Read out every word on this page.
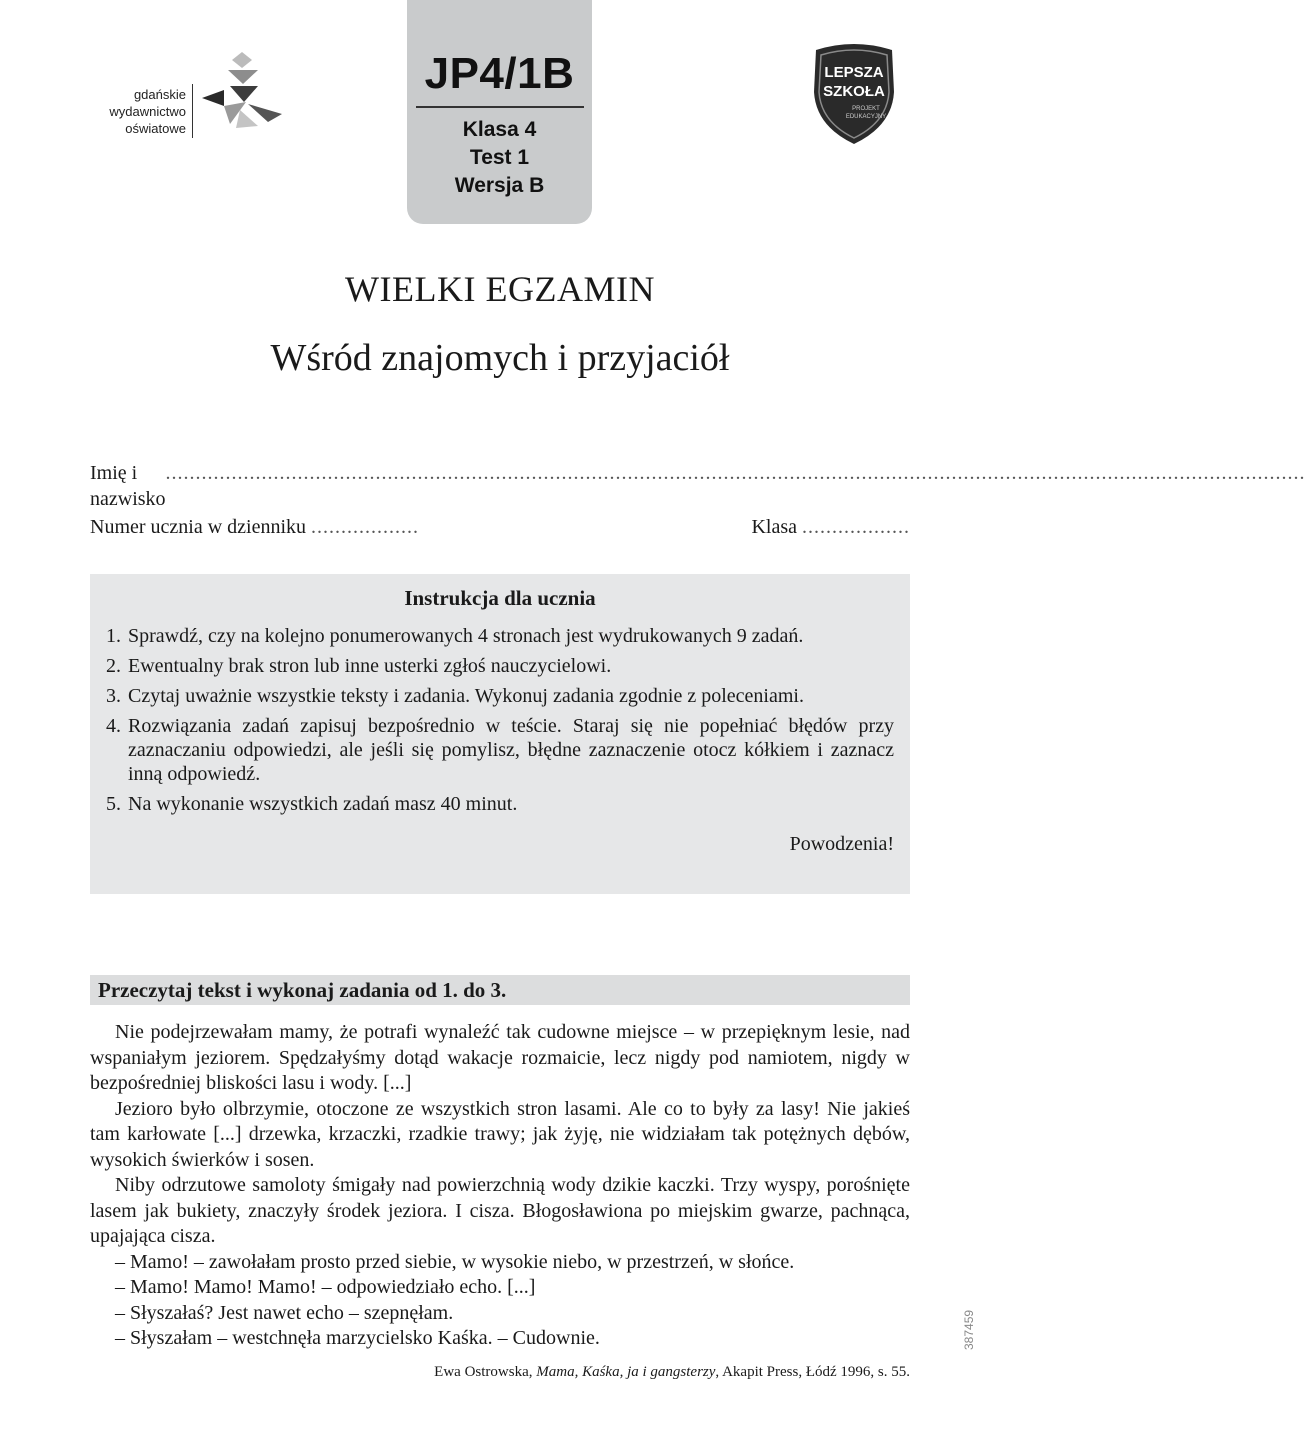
gdańskie
wydawnictwo
oświatowe
JP4/1B
Klasa 4
Test 1
Wersja B
LEPSZA
SZKOŁA
PROJEKT
EDUKACYJNY
WIELKI EGZAMIN
Wśród znajomych i przyjaciół
Imię i nazwisko
..............................................................................................................................................................................................
Numer ucznia w dzienniku ..................	Klasa ..................
Instrukcja dla ucznia
1. Sprawdź, czy na kolejno ponumerowanych 4 stronach jest wydrukowanych 9 zadań.
2. Ewentualny brak stron lub inne usterki zgłoś nauczycielowi.
3. Czytaj uważnie wszystkie teksty i zadania. Wykonuj zadania zgodnie z poleceniami.
4. Rozwiązania zadań zapisuj bezpośrednio w teście. Staraj się nie popełniać błędów przy zaznaczaniu odpowiedzi, ale jeśli się pomylisz, błędne zaznaczenie otocz kółkiem i zaznacz inną odpowiedź.
5. Na wykonanie wszystkich zadań masz 40 minut.
Powodzenia!
Przeczytaj tekst i wykonaj zadania od 1. do 3.

Nie podejrzewałam mamy, że potrafi wynaleźć tak cudowne miejsce – w przepięknym lesie, nad wspaniałym jeziorem. Spędzałyśmy dotąd wakacje rozmaicie, lecz nigdy pod namiotem, nigdy w bezpośredniej bliskości lasu i wody. [...]

Jezioro było olbrzymie, otoczone ze wszystkich stron lasami. Ale co to były za lasy! Nie jakieś tam karłowate [...] drzewka, krzaczki, rzadkie trawy; jak żyję, nie widziałam tak potężnych dębów, wysokich świerków i sosen.

Niby odrzutowe samoloty śmigały nad powierzchnią wody dzikie kaczki. Trzy wyspy, porośnięte lasem jak bukiety, znaczyły środek jeziora. I cisza. Błogosławiona po miejskim gwarze, pachnąca, upajająca cisza.

– Mamo! – zawołałam prosto przed siebie, w wysokie niebo, w przestrzeń, w słońce.

– Mamo! Mamo! Mamo! – odpowiedziało echo. [...]

– Słyszałaś? Jest nawet echo – szepnęłam.

– Słyszałam – westchnęła marzycielsko Kaśka. – Cudownie.

Ewa Ostrowska, Mama, Kaśka, ja i gangsterzy, Akapit Press, Łódź 1996, s. 55.
387459
